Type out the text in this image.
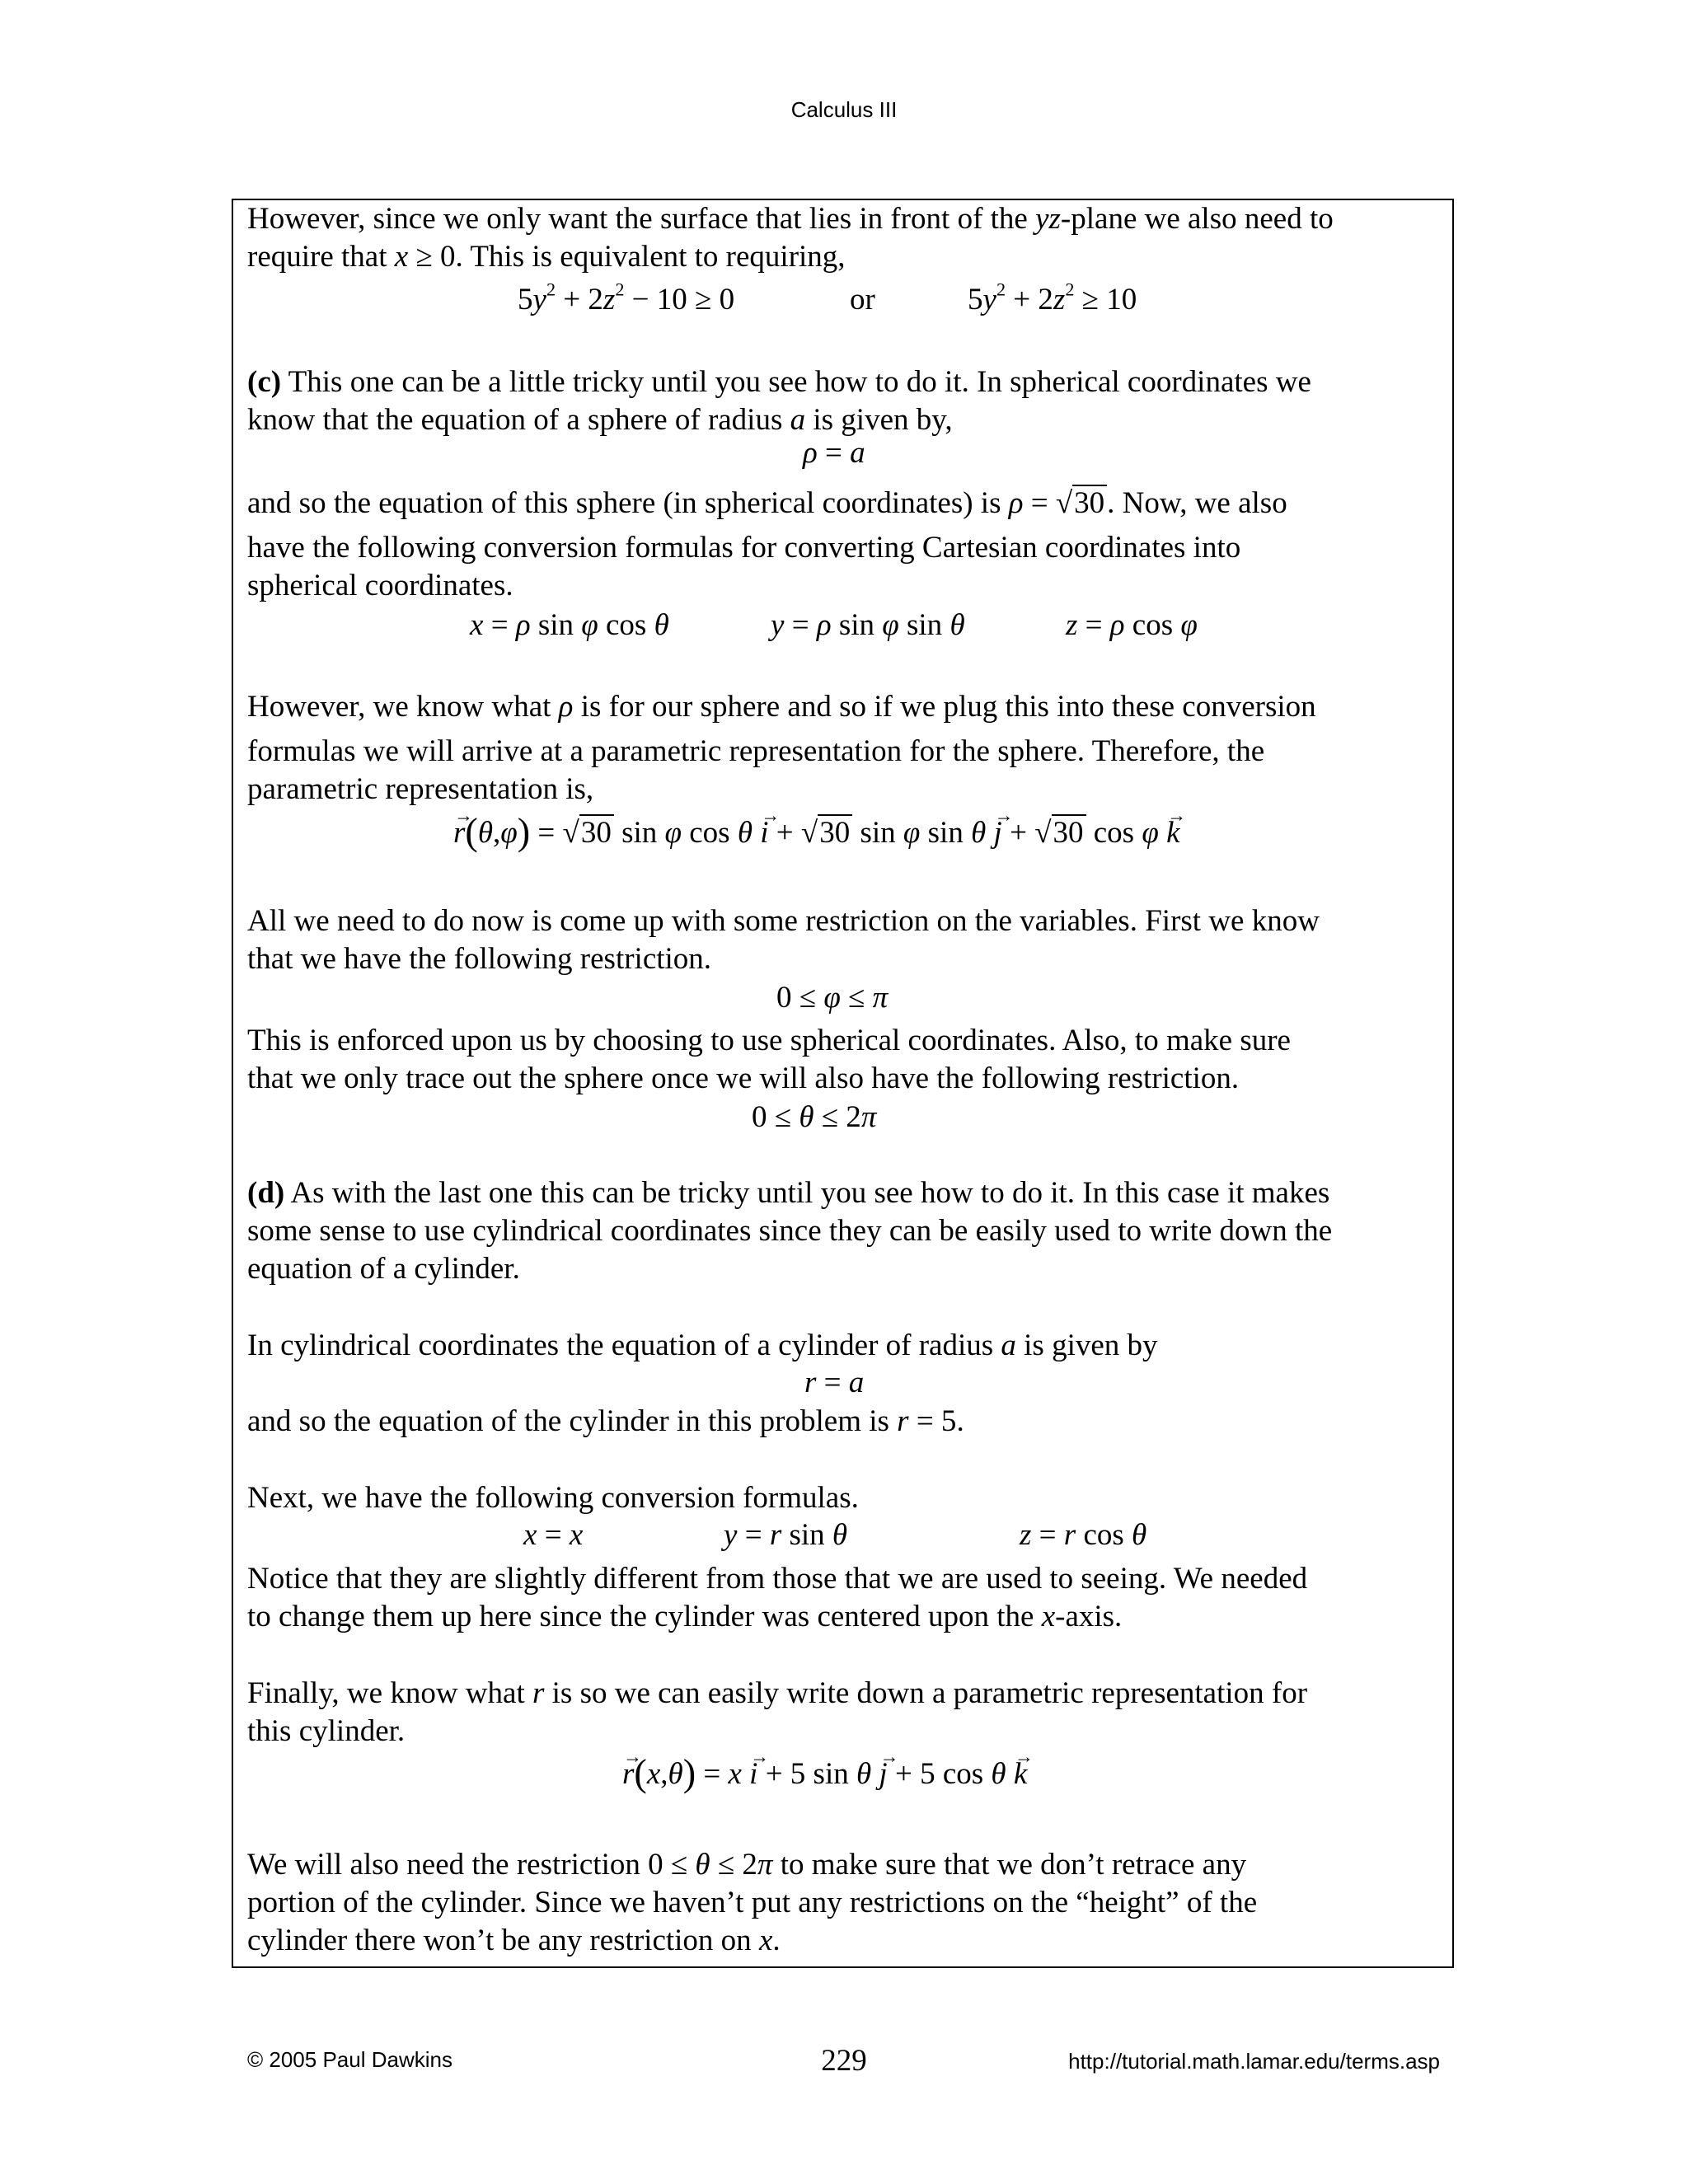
Calculus III
However, since we only want the surface that lies in front of the yz-plane we also need to
require that x ≥ 0. This is equivalent to requiring,
$5y^2 + 2z^2 - 10 \ge 0$	or	$5y^2 + 2z^2 \ge 10$
(c) This one can be a little tricky until you see how to do it. In spherical coordinates we
know that the equation of a sphere of radius a is given by,
ρ = a
and so the equation of this sphere (in spherical coordinates) is ρ = √30. Now, we also
have the following conversion formulas for converting Cartesian coordinates into
spherical coordinates.
x = ρ sin φ cos θ	y = ρ sin φ sin θ	z = ρ cos φ
However, we know what ρ is for our sphere and so if we plug this into these conversion
formulas we will arrive at a parametric representation for the sphere. Therefore, the
parametric representation is,
→ r(θ,φ) = √30 sin φ cos θ → i + √30 sin φ sin θ → j + √30 cos φ → k
All we need to do now is come up with some restriction on the variables. First we know
that we have the following restriction.
0 ≤ φ ≤ π
This is enforced upon us by choosing to use spherical coordinates. Also, to make sure
that we only trace out the sphere once we will also have the following restriction.
0 ≤ θ ≤ 2π
(d) As with the last one this can be tricky until you see how to do it. In this case it makes
some sense to use cylindrical coordinates since they can be easily used to write down the
equation of a cylinder.
In cylindrical coordinates the equation of a cylinder of radius a is given by
r = a
and so the equation of the cylinder in this problem is r = 5.
Next, we have the following conversion formulas.
x = x	y = r sin θ	z = r cos θ
Notice that they are slightly different from those that we are used to seeing. We needed
to change them up here since the cylinder was centered upon the x-axis.
Finally, we know what r is so we can easily write down a parametric representation for
this cylinder.
→ r(x,θ) = x → i + 5 sin θ → j + 5 cos θ → k
We will also need the restriction 0 ≤ θ ≤ 2π to make sure that we don’t retrace any
portion of the cylinder. Since we haven’t put any restrictions on the “height” of the
cylinder there won’t be any restriction on x.
© 2005 Paul Dawkins	229	http://tutorial.math.lamar.edu/terms.asp
